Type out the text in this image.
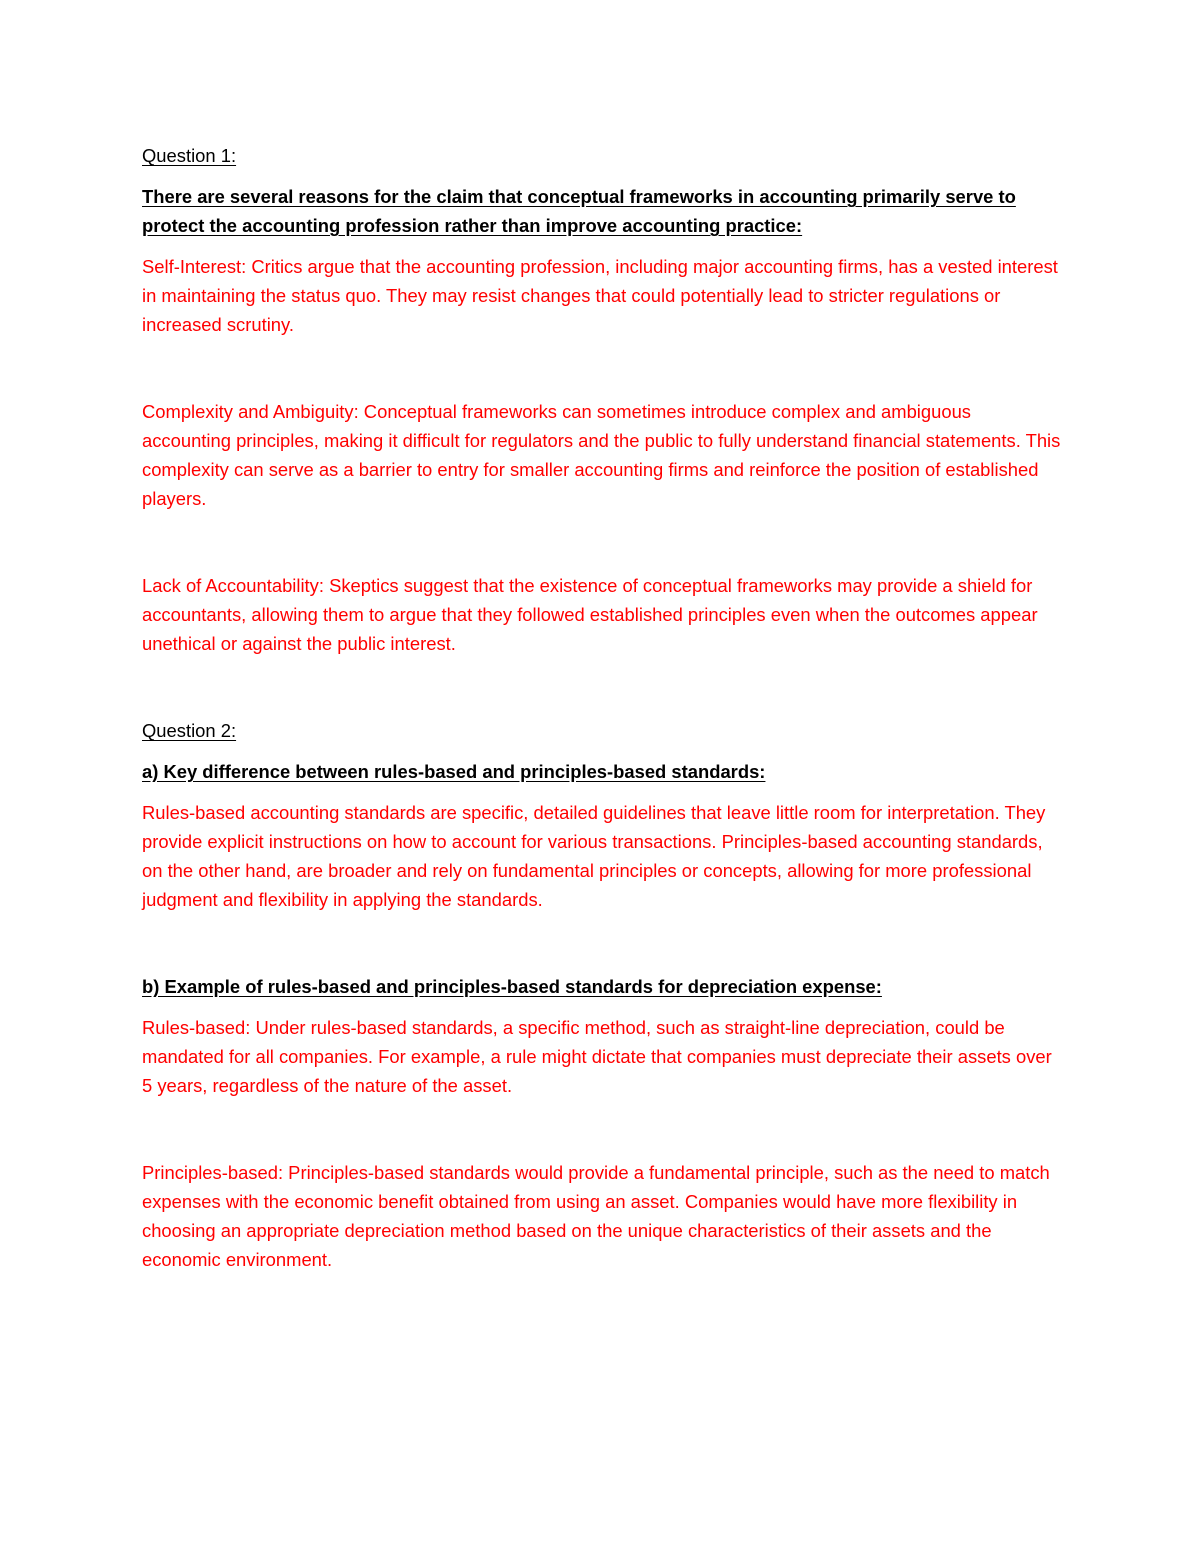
Question 1:

There are several reasons for the claim that conceptual frameworks in accounting primarily serve to protect the accounting profession rather than improve accounting practice:

Self-Interest: Critics argue that the accounting profession, including major accounting firms, has a vested interest in maintaining the status quo. They may resist changes that could potentially lead to stricter regulations or increased scrutiny.

Complexity and Ambiguity: Conceptual frameworks can sometimes introduce complex and ambiguous accounting principles, making it difficult for regulators and the public to fully understand financial statements. This complexity can serve as a barrier to entry for smaller accounting firms and reinforce the position of established players.

Lack of Accountability: Skeptics suggest that the existence of conceptual frameworks may provide a shield for accountants, allowing them to argue that they followed established principles even when the outcomes appear unethical or against the public interest.

Question 2:

a) Key difference between rules-based and principles-based standards:

Rules-based accounting standards are specific, detailed guidelines that leave little room for interpretation. They provide explicit instructions on how to account for various transactions. Principles-based accounting standards, on the other hand, are broader and rely on fundamental principles or concepts, allowing for more professional judgment and flexibility in applying the standards.

b) Example of rules-based and principles-based standards for depreciation expense:

Rules-based: Under rules-based standards, a specific method, such as straight-line depreciation, could be mandated for all companies. For example, a rule might dictate that companies must depreciate their assets over 5 years, regardless of the nature of the asset.

Principles-based: Principles-based standards would provide a fundamental principle, such as the need to match expenses with the economic benefit obtained from using an asset. Companies would have more flexibility in choosing an appropriate depreciation method based on the unique characteristics of their assets and the economic environment.
